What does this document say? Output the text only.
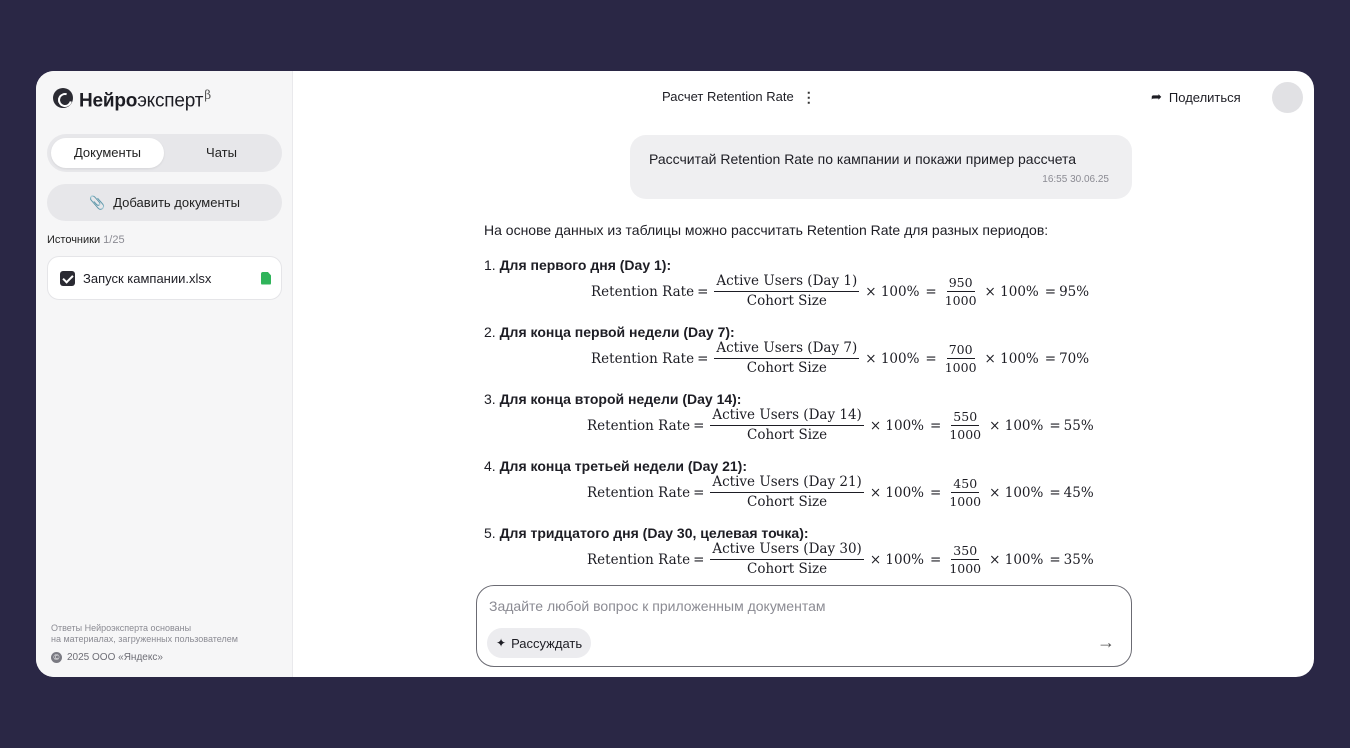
Нейроэксперт$^\beta$
Документы	Чаты
📎 Добавить документы
Источники 1/25
Запуск кампании.xlsx
Ответы Нейроэксперта основаны
на материалах, загруженных пользователем
© 2025 ООО «Яндекс»
Расчет Retention Rate ⋮	➦ Поделиться
Рассчитай Retention Rate по кампании и покажи пример рассчета
16:55 30.06.25
На основе данных из таблицы можно рассчитать Retention Rate для разных периодов:
1. Для первого дня (Day 1):
Retention Rate = $\frac{\text{Active Users (Day 1)}}{\text{Cohort Size}} \times 100\% = \frac{950}{1000} \times 100\% = 95\%$
2. Для конца первой недели (Day 7):
Retention Rate = $\frac{\text{Active Users (Day 7)}}{\text{Cohort Size}} \times 100\% = \frac{700}{1000} \times 100\% = 70\%$
3. Для конца второй недели (Day 14):
Retention Rate = $\frac{\text{Active Users (Day 14)}}{\text{Cohort Size}} \times 100\% = \frac{550}{1000} \times 100\% = 55\%$
4. Для конца третьей недели (Day 21):
Retention Rate = $\frac{\text{Active Users (Day 21)}}{\text{Cohort Size}} \times 100\% = \frac{450}{1000} \times 100\% = 45\%$
5. Для тридцатого дня (Day 30, целевая точка):
Retention Rate = $\frac{\text{Active Users (Day 30)}}{\text{Cohort Size}} \times 100\% = \frac{350}{1000} \times 100\% = 35\%$
Задайте любой вопрос к приложенным документам
✦ Рассуждать	→
